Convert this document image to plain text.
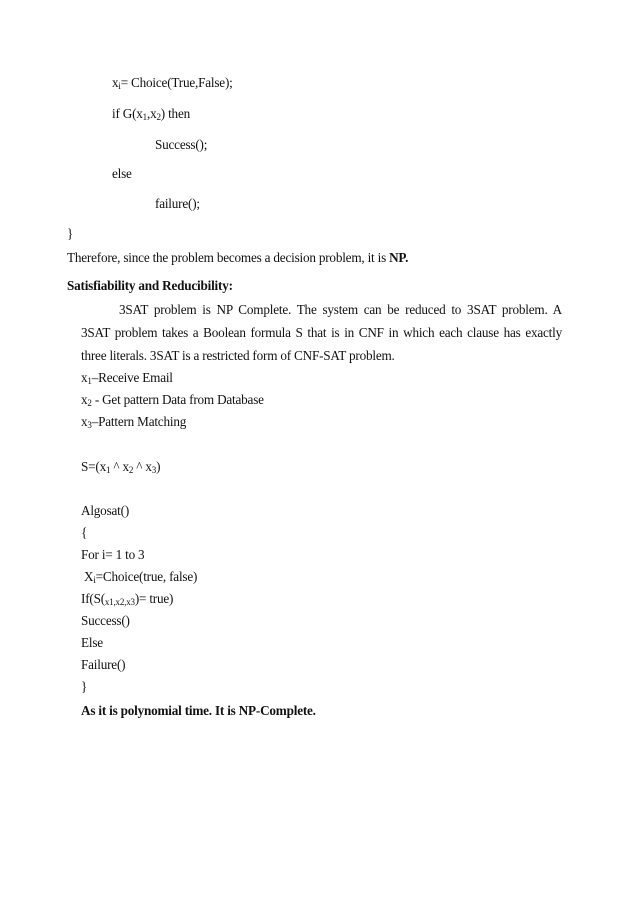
$x_i=$ Choice(True,False);
if $G(x_1,x_2)$ then
Success();
else
failure();
}
Therefore, since the problem becomes a decision problem, it is NP.
Satisfiability and Reducibility:
3SAT problem is NP Complete. The system can be reduced to 3SAT problem. A
3SAT problem takes a Boolean formula S that is in CNF in which each clause has exactly
three literals. 3SAT is a restricted form of CNF-SAT problem.
$x_1$–Receive Email
$x_2$ - Get pattern Data from Database
$x_3$–Pattern Matching
$S=(x_1$ ^ $x_2$ ^ $x_3$)
Algosat()
{
For i= 1 to 3
$X_i=Choice(true$, false)
$If(S(_{x1,x2,x3})=$ true)
Success()
Else
Failure()
}
As it is polynomial time. It is NP-Complete.
